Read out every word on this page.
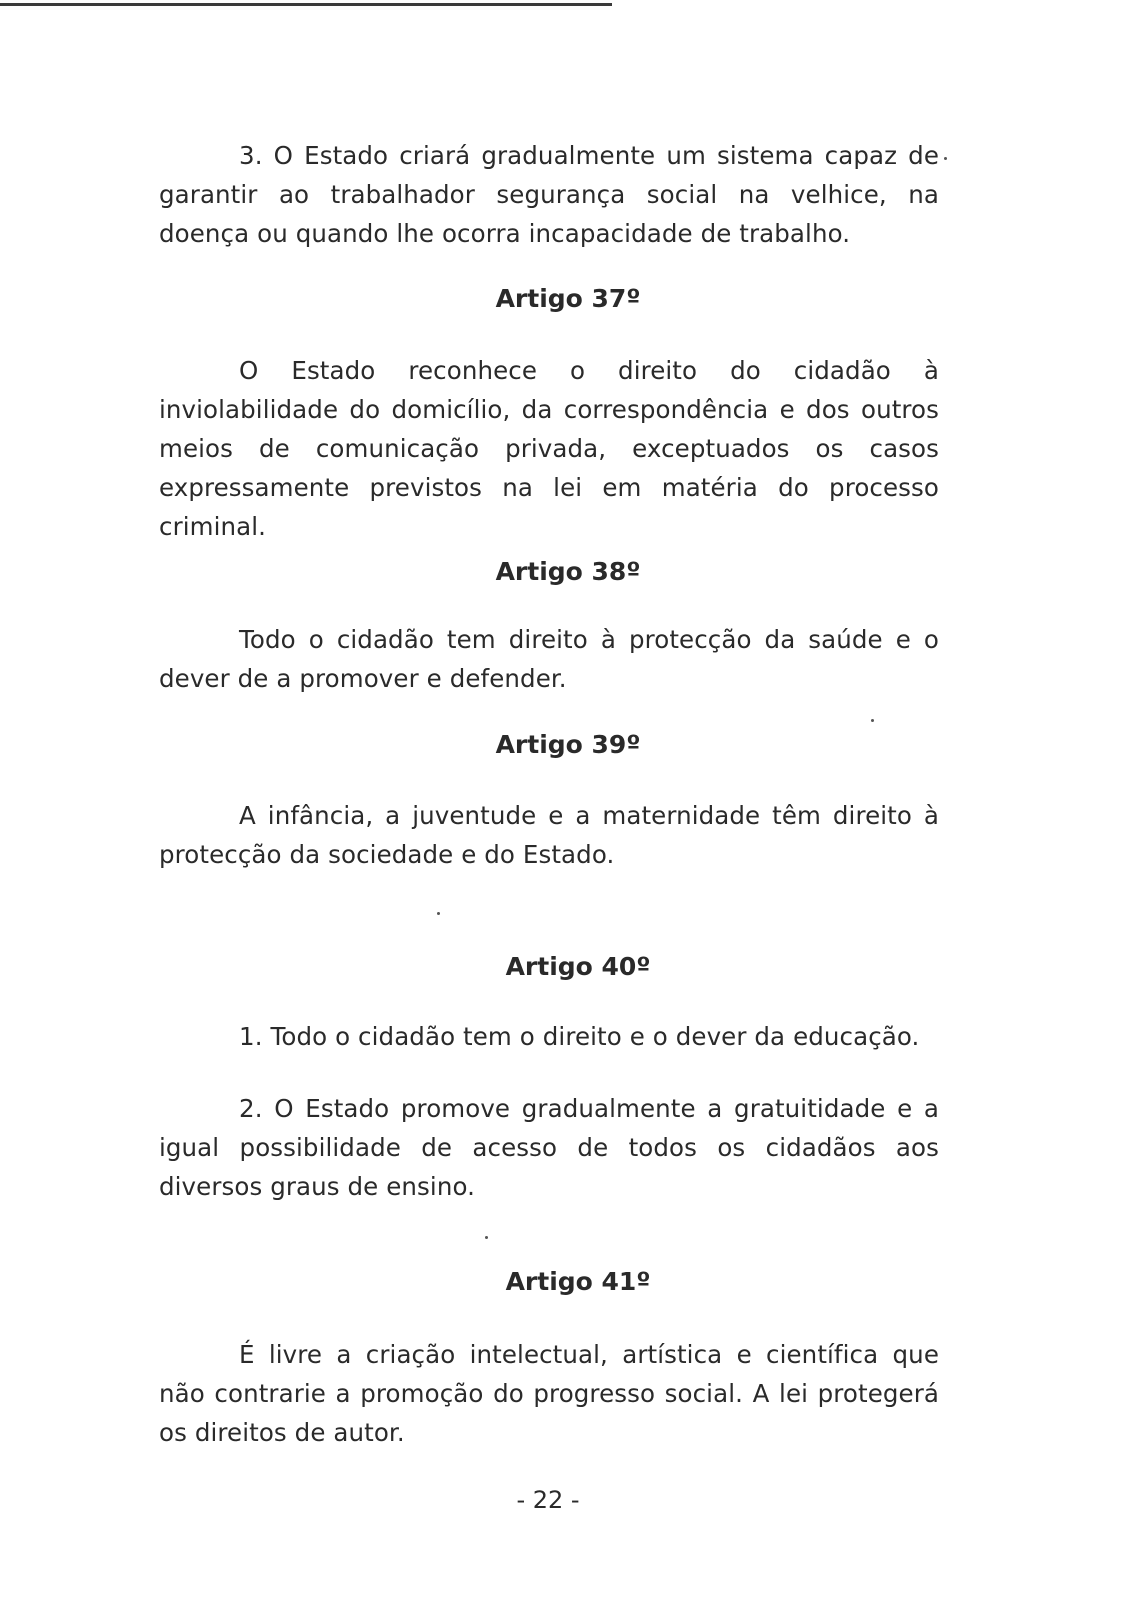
3. O Estado criará gradualmente um sistema capaz de garantir ao trabalhador segurança social na velhice, na doença ou quando lhe ocorra incapacidade de trabalho.

Artigo 37º

O Estado reconhece o direito do cidadão à inviolabilidade do domicílio, da correspondência e dos outros meios de comunicação privada, exceptuados os casos expressamente previstos na lei em matéria do processo criminal.

Artigo 38º

Todo o cidadão tem direito à protecção da saúde e o dever de a promover e defender.

Artigo 39º

A infância, a juventude e a maternidade têm direito à protecção da sociedade e do Estado.

Artigo 40º

1. Todo o cidadão tem o direito e o dever da educação.

2. O Estado promove gradualmente a gratuitidade e a igual possibilidade de acesso de todos os cidadãos aos diversos graus de ensino.

Artigo 41º

É livre a criação intelectual, artística e científica que não contrarie a promoção do progresso social. A lei protegerá os direitos de autor.

- 22 -
